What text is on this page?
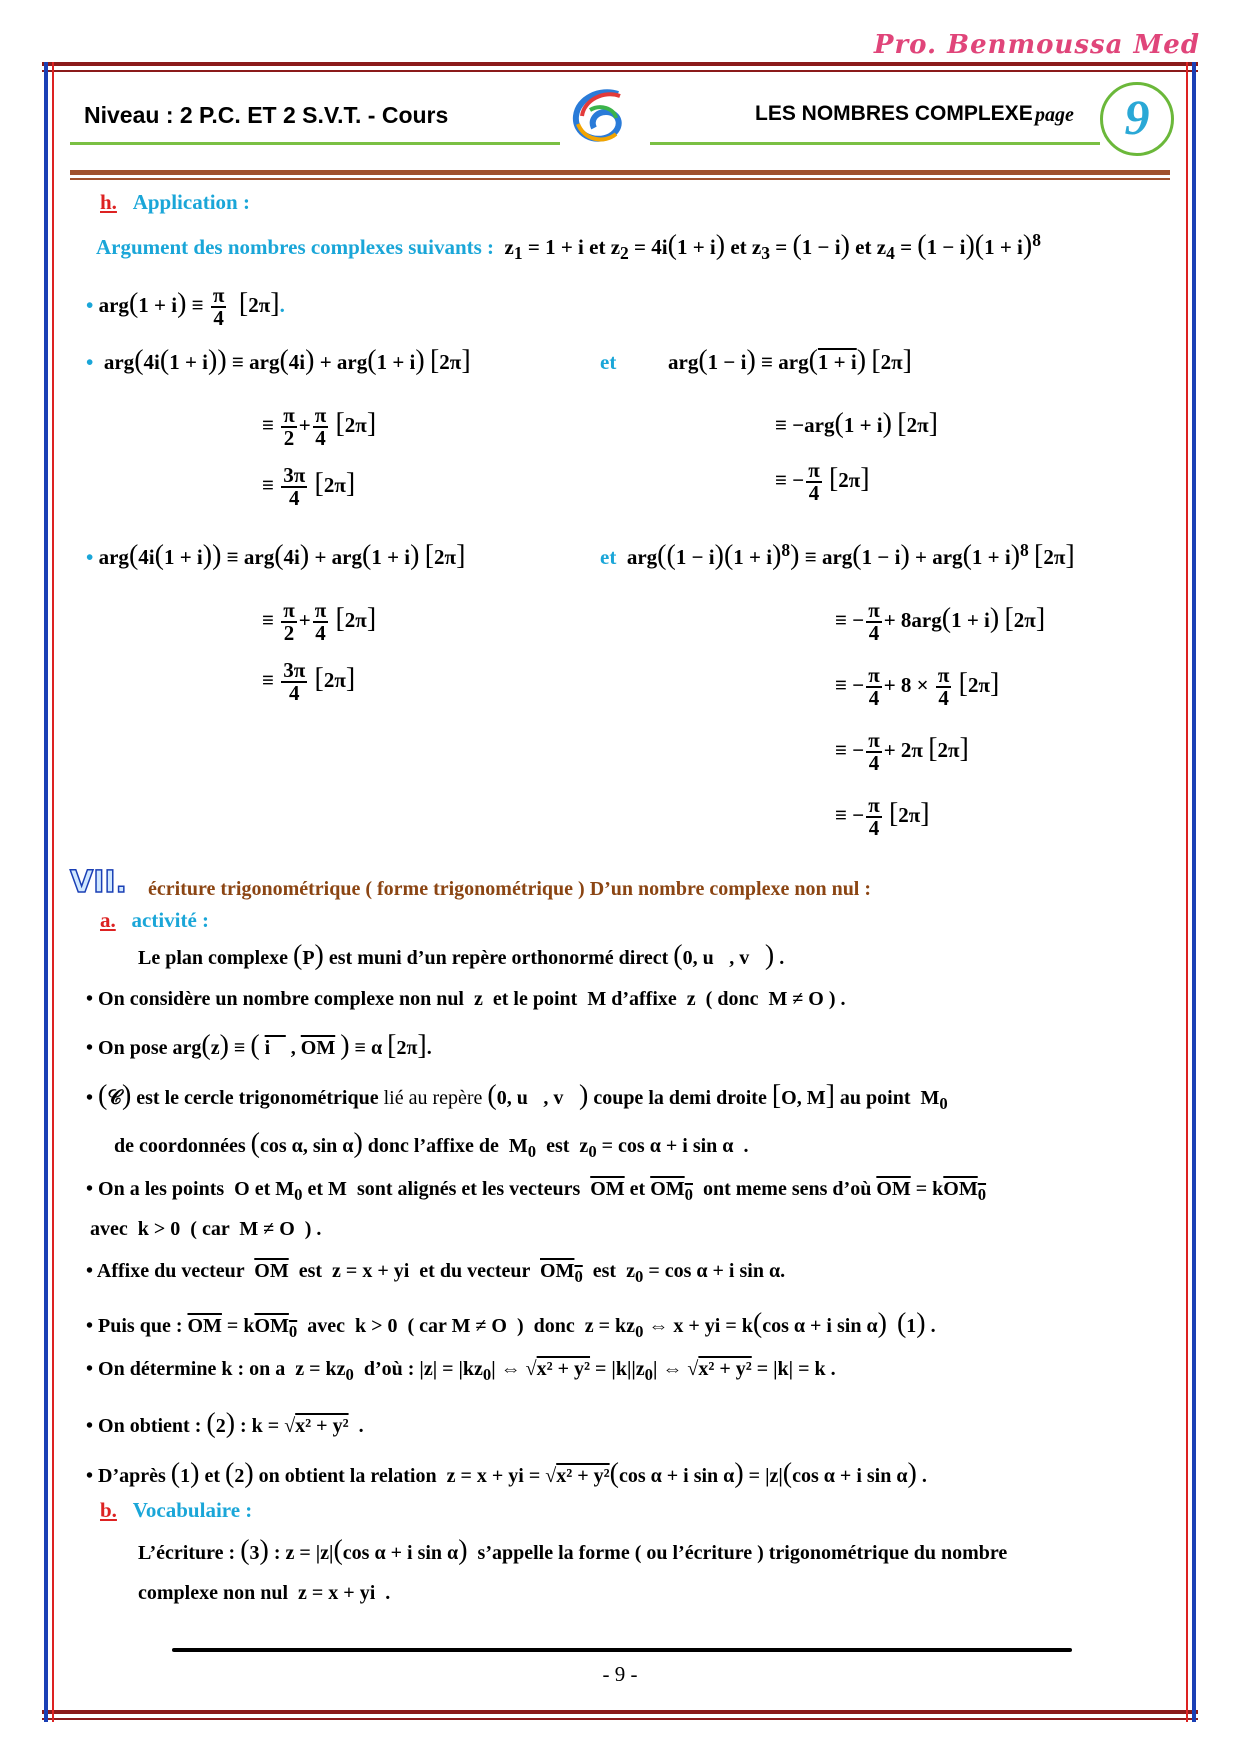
Pro. Benmoussa Med
Niveau : 2 P.C. ET 2 S.V.T. - Cours	LES NOMBRES COMPLEXE page	9
h. Application :
Argument des nombres complexes suivants :  $z_1 = 1 + i$ et $z_2 = 4i(1 + i)$ et $z_3 = (1 - i)$ et $z_4 = (1 - i)(1 + i)^8$
• $arg(1 + i) \equiv \frac{\pi}{4} [2\pi]$.
•  arg(4i(1 + i)) ≡ arg(4i) + arg(1 + i) [2π]	et arg(1 − i) ≡ arg(1 + i) [2π]
≡ $\frac{\pi}{2} + \frac{\pi}{4} [2\pi]$	≡ −arg(1 + i) [2π]
≡ $\frac{3\pi}{4} [2\pi]$	≡ − $\frac{\pi}{4} [2\pi]$
• arg(4i(1 + i)) ≡ arg(4i) + arg(1 + i) [2π]	et  $arg((1 - i)(1 + i)^8) \equiv arg(1 - i) + arg(1 + i)^8$ [2π]
≡ $\frac{\pi}{2} + \frac{\pi}{4} [2\pi]$	≡ − $\frac{\pi}{4} + 8arg(1 + i)$ [2π]
≡ $\frac{3\pi}{4} [2\pi]$	≡ − $\frac{\pi}{4} + 8 \times \frac{\pi}{4} [2\pi]$
≡ − $\frac{\pi}{4} + 2\pi$ [2π]
≡ − $\frac{\pi}{4} [2\pi]$
VII. écriture trigonométrique ( forme trigonométrique ) D’un nombre complexe non nul :
a. activité :
Le plan complexe (P) est muni d’un repère orthonormé direct (0, u⃗, v⃗) .
• On considère un nombre complexe non nul  z  et le point  M d’affixe  z  ( donc  M ≠ O ) .
• On pose arg(z) ≡ ( i⃗ , $\overline{OM}$ ) ≡ α [2π].
• (𝒞) est le cercle trigonométrique lié au repère (0, u⃗, v⃗) coupe la demi droite [O, M] au point  $M_0$
de coordonnées (cos α, sin α) donc l’affixe de  $M_0$ est  $z_0 = \cos \alpha + i$ sin α  .
• On a les points  O et $M_0$ et M  sont alignés et les vecteurs $\overline{OM}$ et $OM_0$ ont meme sens d’où $\overline{OM} = kOM_0$
avec  k > 0  ( car  M ≠ O  ) .
• Affixe du vecteur $\overline{OM}$ est  z = x + yi  et du vecteur $OM_0$ est  $z_0 = \cos \alpha + i$ sin α.
• Puis que : $\overline{OM} = kOM_0$ avec  k > 0  ( car M ≠ O  )  donc  $z = kz_0$ ⇔ x + yi = k(cos α + i sin α) (1) .
• On détermine k : on a  $z = kz_0$ d’où : $|z| = |kz_0|$ ⇔ $√x^2 + y^2 = |k||z_0|$ ⇔ √x² + y² = |k| = k .
• On obtient : (2) : k = √x² + y²  .
• D’après (1) et (2) on obtient la relation  z = x + yi = √x² + y²(cos α + i sin α) = |z|(cos α + i sin α) .
b. Vocabulaire :
L’écriture : (3) : z = |z|(cos α + i sin α) s’appelle la forme ( ou l’écriture ) trigonométrique du nombre
complexe non nul  z = x + yi  .
- 9 -
